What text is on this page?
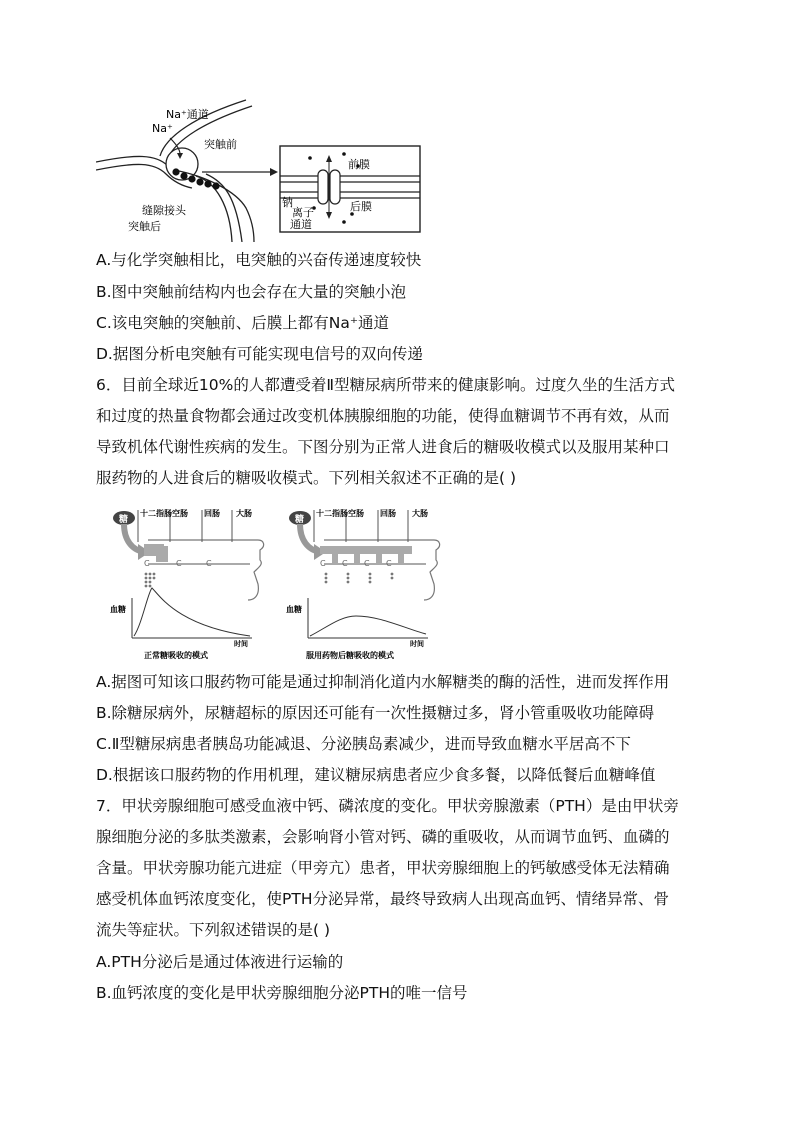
Na⁺通道
Na⁺
突触前
缝隙接头
突触后
前膜
后膜
钠
离子
通道
A.与化学突触相比，电突触的兴奋传递速度较快
B.图中突触前结构内也会存在大量的突触小泡
C.该电突触的突触前、后膜上都有Na⁺通道
D.据图分析电突触有可能实现电信号的双向传递
6．目前全球近10%的人都遭受着Ⅱ型糖尿病所带来的健康影响。过度久坐的生活方式
和过度的热量食物都会通过改变机体胰腺细胞的功能，使得血糖调节不再有效，从而
导致机体代谢性疾病的发生。下图分别为正常人进食后的糖吸收模式以及服用某种口
服药物的人进食后的糖吸收模式。下列相关叙述不正确的是( )
糖
十二指肠 空肠 回肠 大肠
C	C	C
血糖
时间
正常糖吸收的模式
糖
十二指肠 空肠 回肠 大肠
C C C C
血糖
时间
服用药物后糖吸收的模式
A.据图可知该口服药物可能是通过抑制消化道内水解糖类的酶的活性，进而发挥作用
B.除糖尿病外，尿糖超标的原因还可能有一次性摄糖过多，肾小管重吸收功能障碍
C.Ⅱ型糖尿病患者胰岛功能减退、分泌胰岛素减少，进而导致血糖水平居高不下
D.根据该口服药物的作用机理，建议糖尿病患者应少食多餐，以降低餐后血糖峰值
7．甲状旁腺细胞可感受血液中钙、磷浓度的变化。甲状旁腺激素（PTH）是由甲状旁
腺细胞分泌的多肽类激素，会影响肾小管对钙、磷的重吸收，从而调节血钙、血磷的
含量。甲状旁腺功能亢进症（甲旁亢）患者，甲状旁腺细胞上的钙敏感受体无法精确
感受机体血钙浓度变化，使PTH分泌异常，最终导致病人出现高血钙、情绪异常、骨
流失等症状。下列叙述错误的是( )
A.PTH分泌后是通过体液进行运输的
B.血钙浓度的变化是甲状旁腺细胞分泌PTH的唯一信号
